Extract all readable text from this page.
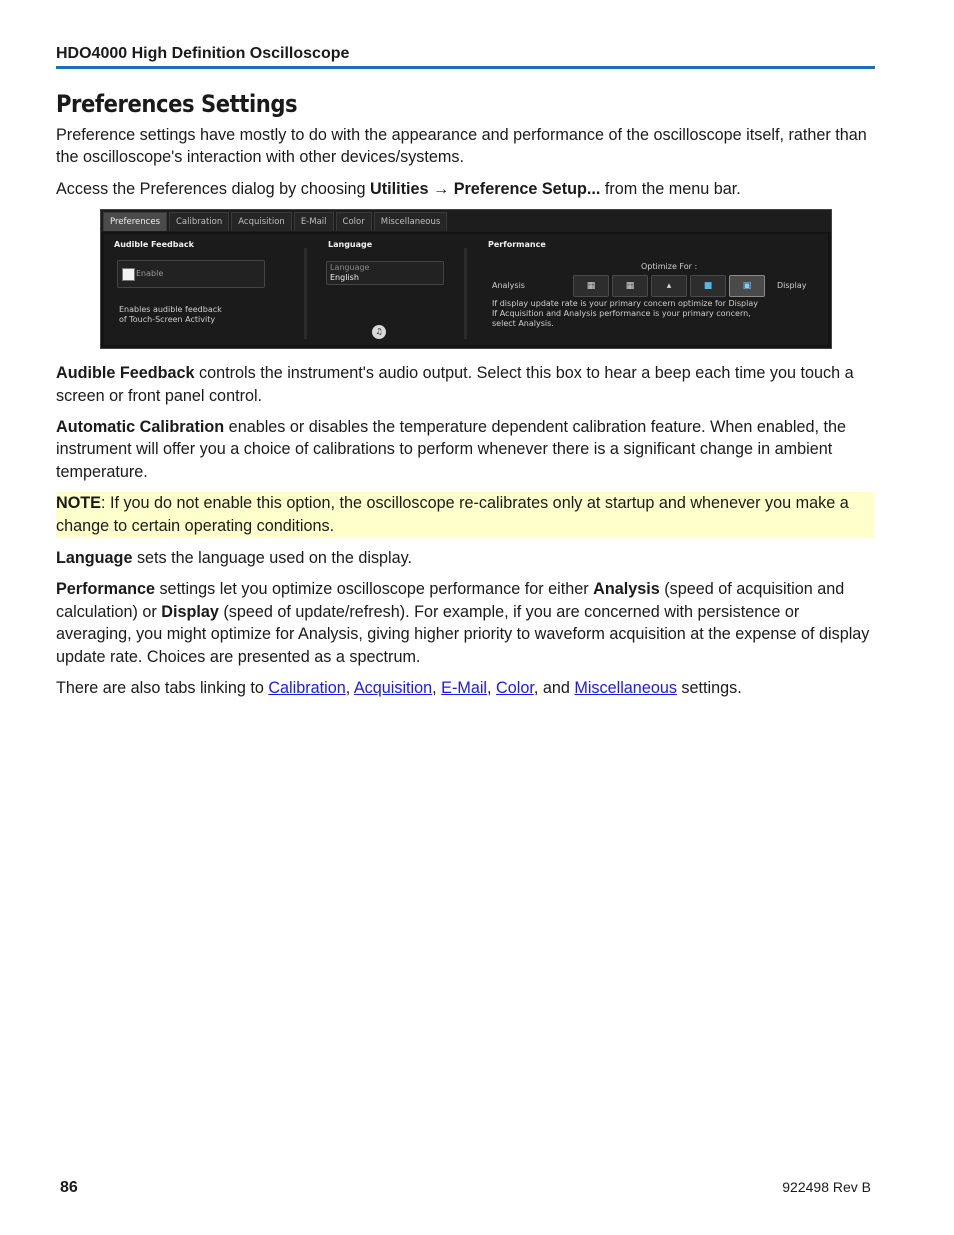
HDO4000 High Definition Oscilloscope
Preferences Settings

Preference settings have mostly to do with the appearance and performance of the oscilloscope itself, rather than the oscilloscope's interaction with other devices/systems.

Access the Preferences dialog by choosing Utilities → Preference Setup... from the menu bar.

Preferences	Calibration	Acquisition	E-Mail	Color	Miscellaneous
Audible Feedback
Enable
Enables audible feedback
of Touch-Screen Activity
Language
Language
English
♫
Performance
Optimize For :
Analysis	Display
▦	▦	▴	■	▣
If display update rate is your primary concern optimize for Display
If Acquisition and Analysis performance is your primary concern,
select Analysis.

Audible Feedback controls the instrument's audio output. Select this box to hear a beep each time you touch a screen or front panel control.

Automatic Calibration enables or disables the temperature dependent calibration feature. When enabled, the instrument will offer you a choice of calibrations to perform whenever there is a significant change in ambient temperature.

NOTE: If you do not enable this option, the oscilloscope re-calibrates only at startup and whenever you make a change to certain operating conditions.

Language sets the language used on the display.

Performance settings let you optimize oscilloscope performance for either Analysis (speed of acquisition and calculation) or Display (speed of update/refresh). For example, if you are concerned with persistence or averaging, you might optimize for Analysis, giving higher priority to waveform acquisition at the expense of display update rate. Choices are presented as a spectrum.

There are also tabs linking to Calibration, Acquisition, E-Mail, Color, and Miscellaneous settings.

86	922498 Rev B
